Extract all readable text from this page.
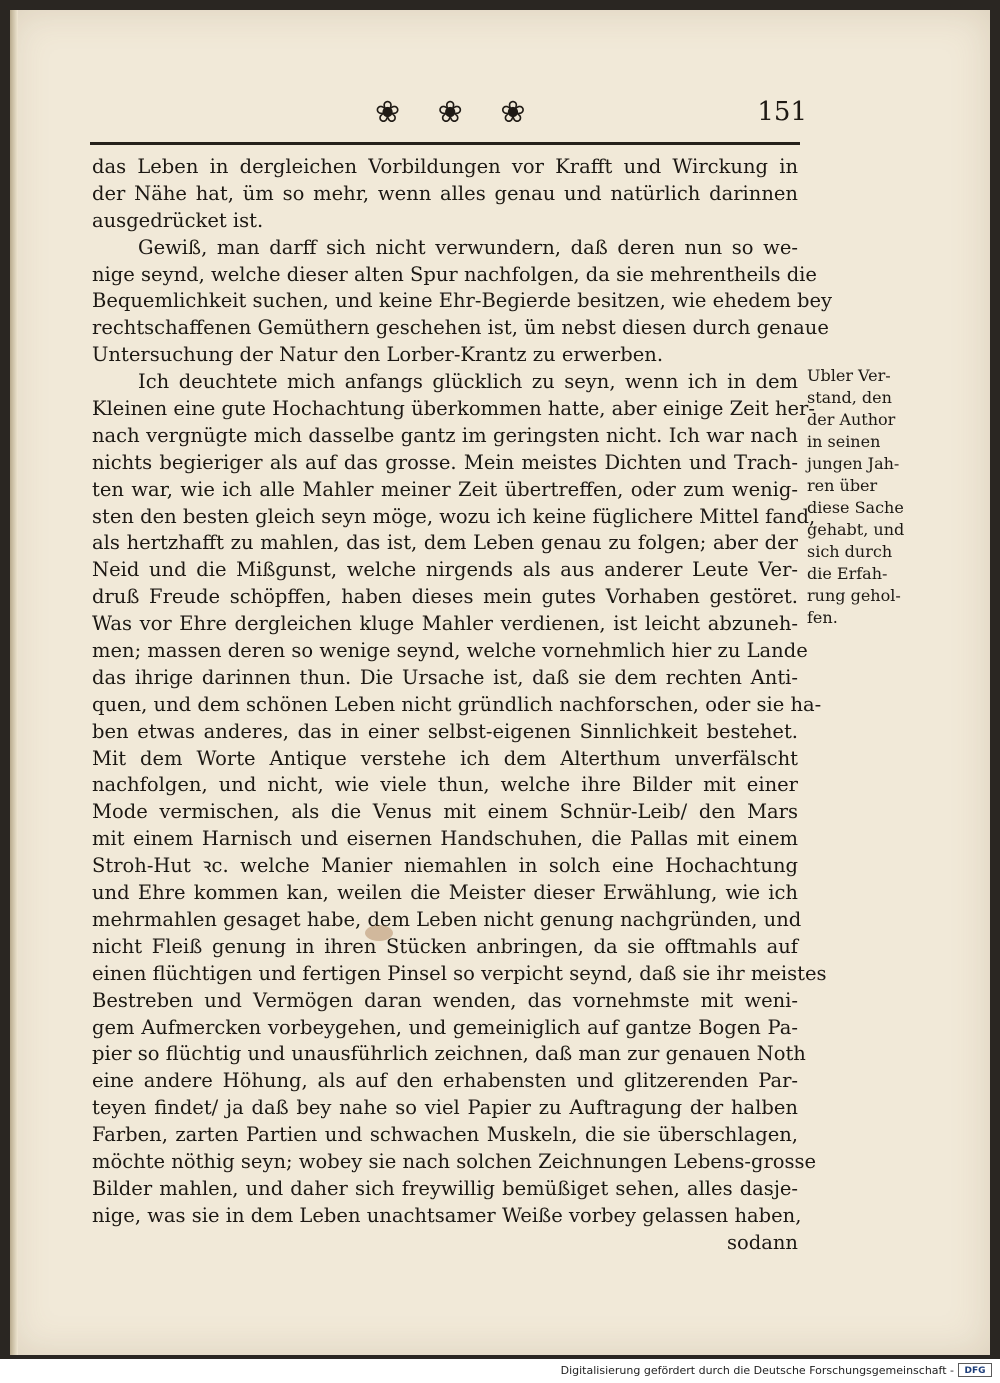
❀ ❀ ❀	151
das Leben in dergleichen Vorbildungen vor Krafft und Wirckung in
der Nähe hat, üm so mehr, wenn alles genau und natürlich darinnen
ausgedrücket ist.
Gewiß, man darff sich nicht verwundern, daß deren nun so we-
nige seynd, welche dieser alten Spur nachfolgen, da sie mehrentheils die
Bequemlichkeit suchen, und keine Ehr-Begierde besitzen, wie ehedem bey
rechtschaffenen Gemüthern geschehen ist, üm nebst diesen durch genaue
Untersuchung der Natur den Lorber-Krantz zu erwerben.
Ich deuchtete mich anfangs glücklich zu seyn, wenn ich in dem
Kleinen eine gute Hochachtung überkommen hatte, aber einige Zeit her-
nach vergnügte mich dasselbe gantz im geringsten nicht. Ich war nach
nichts begieriger als auf das grosse. Mein meistes Dichten und Trach-
ten war, wie ich alle Mahler meiner Zeit übertreffen, oder zum wenig-
sten den besten gleich seyn möge, wozu ich keine füglichere Mittel fand,
als hertzhafft zu mahlen, das ist, dem Leben genau zu folgen; aber der
Neid und die Mißgunst, welche nirgends als aus anderer Leute Ver-
druß Freude schöpffen, haben dieses mein gutes Vorhaben gestöret.
Was vor Ehre dergleichen kluge Mahler verdienen, ist leicht abzuneh-
men; massen deren so wenige seynd, welche vornehmlich hier zu Lande
das ihrige darinnen thun. Die Ursache ist, daß sie dem rechten Anti-
quen, und dem schönen Leben nicht gründlich nachforschen, oder sie ha-
ben etwas anderes, das in einer selbst-eigenen Sinnlichkeit bestehet.
Mit dem Worte Antique verstehe ich dem Alterthum unverfälscht
nachfolgen, und nicht, wie viele thun, welche ihre Bilder mit einer
Mode vermischen, als die Venus mit einem Schnür-Leib/ den Mars
mit einem Harnisch und eisernen Handschuhen, die Pallas mit einem
Stroh-Hut ꝛc. welche Manier niemahlen in solch eine Hochachtung
und Ehre kommen kan, weilen die Meister dieser Erwählung, wie ich
mehrmahlen gesaget habe, dem Leben nicht genung nachgründen, und
nicht Fleiß genung in ihren Stücken anbringen, da sie offtmahls auf
einen flüchtigen und fertigen Pinsel so verpicht seynd, daß sie ihr meistes
Bestreben und Vermögen daran wenden, das vornehmste mit weni-
gem Aufmercken vorbeygehen, und gemeiniglich auf gantze Bogen Pa-
pier so flüchtig und unausführlich zeichnen, daß man zur genauen Noth
eine andere Höhung, als auf den erhabensten und glitzerenden Par-
teyen findet/ ja daß bey nahe so viel Papier zu Auftragung der halben
Farben, zarten Partien und schwachen Muskeln, die sie überschlagen,
möchte nöthig seyn; wobey sie nach solchen Zeichnungen Lebens-grosse
Bilder mahlen, und daher sich freywillig bemüßiget sehen, alles dasje-
nige, was sie in dem Leben unachtsamer Weiße vorbey gelassen haben,
sodann
Ubler Ver-
stand, den
der Author
in seinen
jungen Jah-
ren über
diese Sache
gehabt, und
sich durch
die Erfah-
rung gehol-
fen.
Digitalisierung gefördert durch die Deutsche Forschungsgemeinschaft -	DFG
